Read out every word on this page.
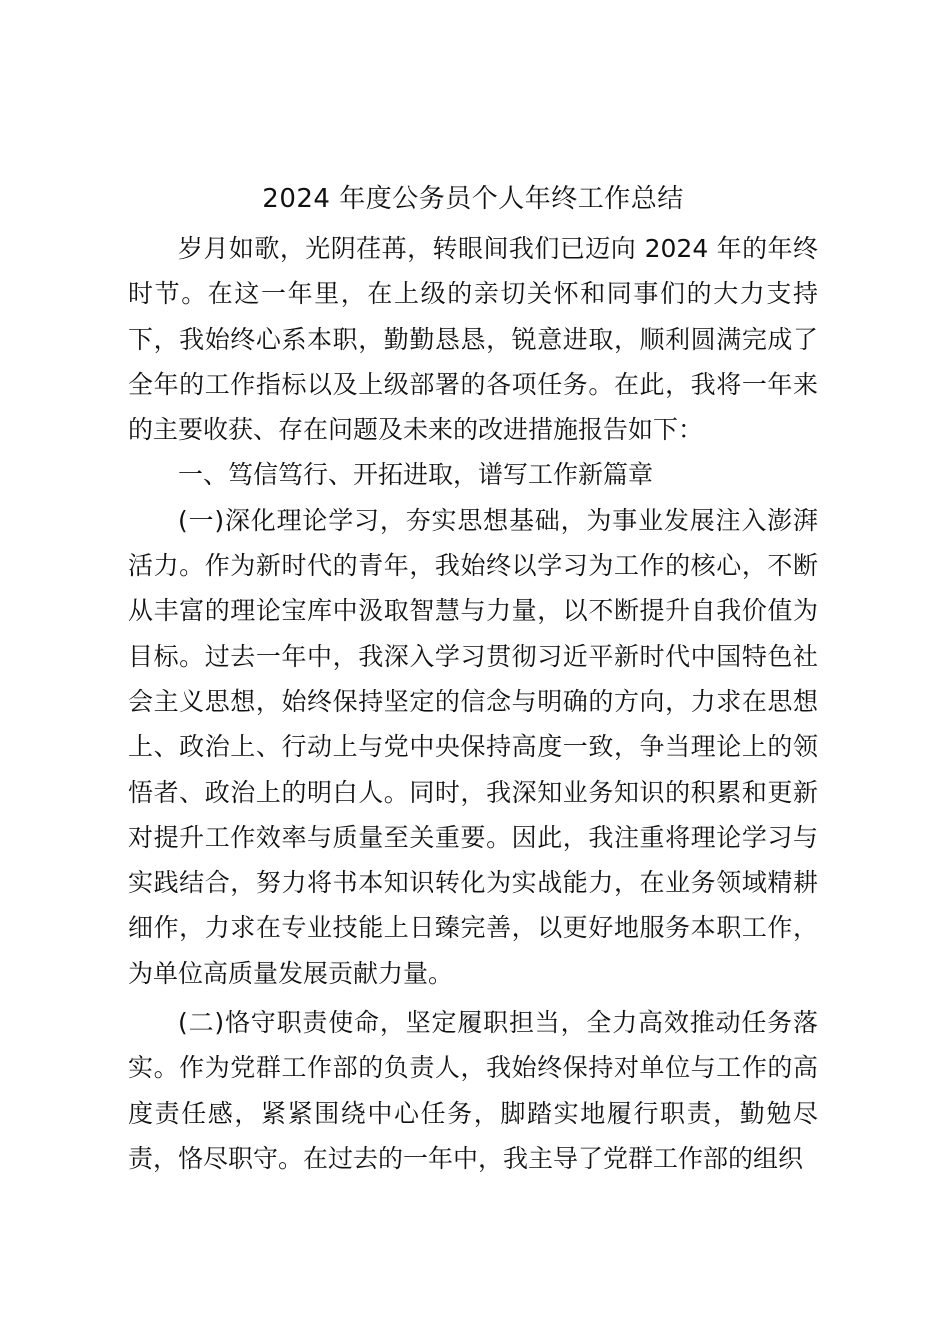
2024 年度公务员个人年终工作总结

岁月如歌，光阴荏苒，转眼间我们已迈向 2024 年的年终时节。在这一年里，在上级的亲切关怀和同事们的大力支持下，我始终心系本职，勤勤恳恳，锐意进取，顺利圆满完成了全年的工作指标以及上级部署的各项任务。在此，我将一年来的主要收获、存在问题及未来的改进措施报告如下：

一、笃信笃行、开拓进取，谱写工作新篇章

(一)深化理论学习，夯实思想基础，为事业发展注入澎湃活力。作为新时代的青年，我始终以学习为工作的核心，不断从丰富的理论宝库中汲取智慧与力量，以不断提升自我价值为目标。过去一年中，我深入学习贯彻习近平新时代中国特色社会主义思想，始终保持坚定的信念与明确的方向，力求在思想上、政治上、行动上与党中央保持高度一致，争当理论上的领悟者、政治上的明白人。同时，我深知业务知识的积累和更新对提升工作效率与质量至关重要。因此，我注重将理论学习与实践结合，努力将书本知识转化为实战能力，在业务领域精耕细作，力求在专业技能上日臻完善，以更好地服务本职工作，为单位高质量发展贡献力量。

(二)恪守职责使命，坚定履职担当，全力高效推动任务落实。作为党群工作部的负责人，我始终保持对单位与工作的高度责任感，紧紧围绕中心任务，脚踏实地履行职责，勤勉尽责，恪尽职守。在过去的一年中，我主导了党群工作部的组织
